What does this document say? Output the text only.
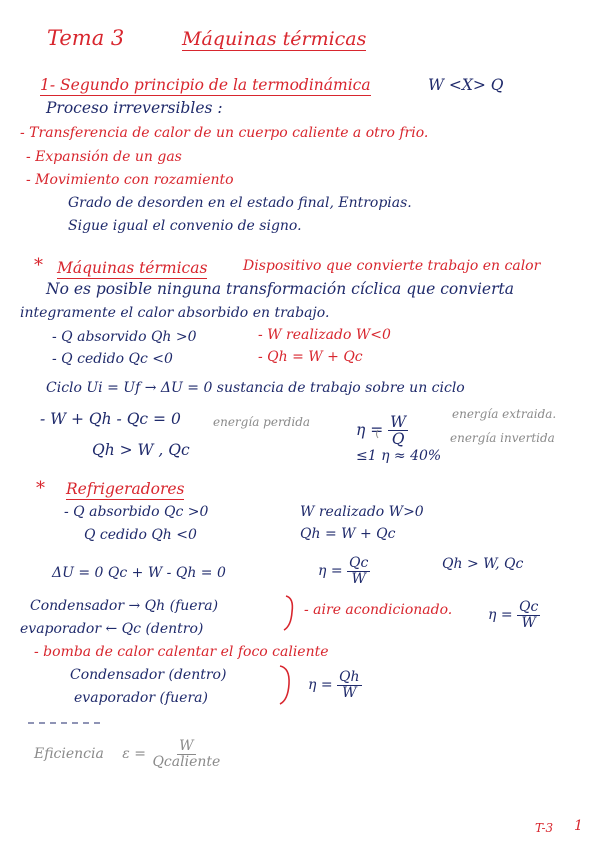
Tema 3	Máquinas térmicas
1- Segundo principio de la termodinámica	W <X> Q
Proceso irreversibles :
- Transferencia de calor de un cuerpo caliente a otro frio.
- Expansión de un gas
- Movimiento con rozamiento
Grado de desorden en el estado final, Entropias.
Sigue igual el convenio de signo.
* Máquinas térmicas	Dispositivo que convierte trabajo en calor
No es posible ninguna transformación cíclica que convierta
integramente el calor absorbido en trabajo.
- Q absorvido Qh >0	- W realizado W<0
- Q cedido Qc <0	- Qh = W + Qc
Ciclo Ui = Uf → ΔU = 0 sustancia de trabajo sobre un ciclo
- W + Qh - Qc = 0	energía perdida	$\eta = \frac{W}{Q}$	energía extraida.
energía invertida
≤1 η ≈ 40%
Qh > W , Qc
* Refrigeradores
- Q absorbido Qc >0	W realizado W>0
Q cedido Qh <0	Qh = W + Qc
ΔU = 0 Qc + W - Qh = 0	$\eta = \frac{Qc}{W}$	Qh > W, Qc
Condensador → Qh (fuera)
evaporador ← Qc (dentro)
- aire acondicionado.	$\eta = \frac{Qc}{W}$
- bomba de calor calentar el foco caliente
Condensador (dentro)
evaporador (fuera)
$\eta = \frac{Qh}{W}$
Eficiencia $\varepsilon = \frac{W}{\text{Qcaliente}}$
T-3 1
